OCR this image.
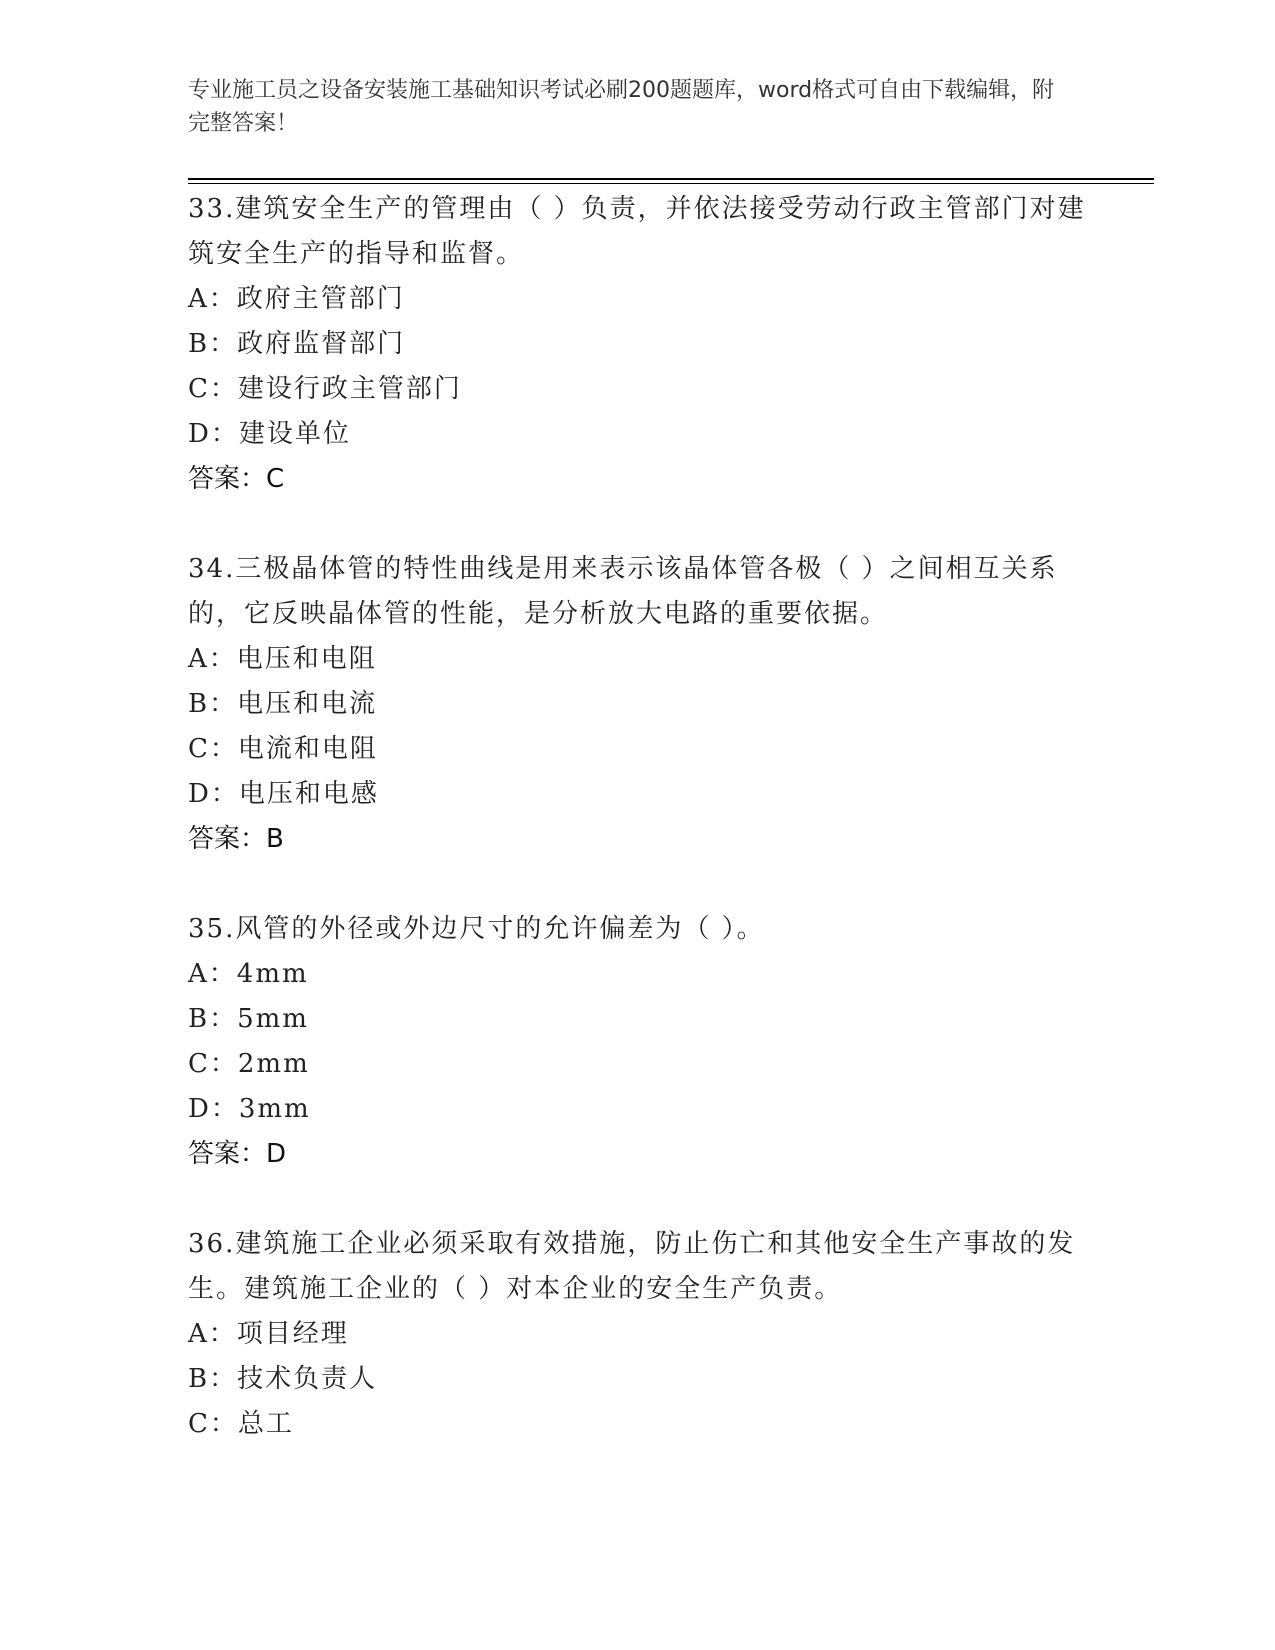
专业施工员之设备安装施工基础知识考试必刷200题题库，word格式可自由下载编辑，附完整答案！

33.建筑安全生产的管理由（ ）负责，并依法接受劳动行政主管部门对建筑安全生产的指导和监督。

A：政府主管部门

B：政府监督部门

C：建设行政主管部门

D：建设单位

答案：C

34.三极晶体管的特性曲线是用来表示该晶体管各极（ ）之间相互关系的，它反映晶体管的性能，是分析放大电路的重要依据。

A：电压和电阻

B：电压和电流

C：电流和电阻

D：电压和电感

答案：B

35.风管的外径或外边尺寸的允许偏差为（ ）。

A：4mm

B：5mm

C：2mm

D：3mm

答案：D

36.建筑施工企业必须采取有效措施，防止伤亡和其他安全生产事故的发生。建筑施工企业的（ ）对本企业的安全生产负责。

A：项目经理

B：技术负责人

C：总工
